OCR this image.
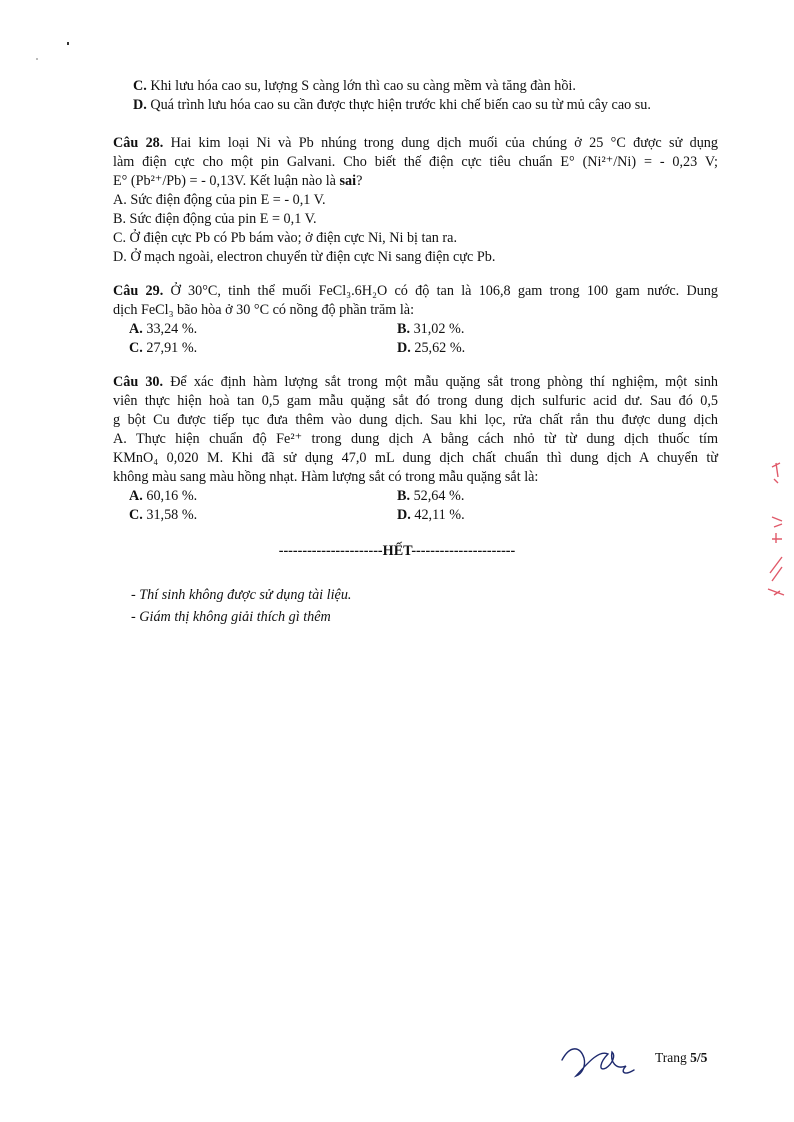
C. Khi lưu hóa cao su, lượng S càng lớn thì cao su càng mềm và tăng đàn hồi.
D. Quá trình lưu hóa cao su cần được thực hiện trước khi chế biến cao su từ mủ cây cao su.
Câu 28. Hai kim loại Ni và Pb nhúng trong dung dịch muối của chúng ở 25 °C được sử dụng
làm điện cực cho một pin Galvani. Cho biết thế điện cực tiêu chuẩn E° (Ni²⁺/Ni) = - 0,23 V;
E° (Pb²⁺/Pb) = - 0,13V. Kết luận nào là sai?
A. Sức điện động của pin E = - 0,1 V.
B. Sức điện động của pin E = 0,1 V.
C. Ở điện cực Pb có Pb bám vào; ở điện cực Ni, Ni bị tan ra.
D. Ở mạch ngoài, electron chuyển từ điện cực Ni sang điện cực Pb.
Câu 29. Ở 30°C, tinh thể muối FeCl₃.6H₂O có độ tan là 106,8 gam trong 100 gam nước. Dung
dịch FeCl₃ bão hòa ở 30 °C có nồng độ phần trăm là:
A. 33,24 %.	B. 31,02 %.
C. 27,91 %.	D. 25,62 %.
Câu 30. Để xác định hàm lượng sắt trong một mẫu quặng sắt trong phòng thí nghiệm, một sinh
viên thực hiện hoà tan 0,5 gam mẫu quặng sắt đó trong dung dịch sulfuric acid dư. Sau đó 0,5
g bột Cu được tiếp tục đưa thêm vào dung dịch. Sau khi lọc, rửa chất rắn thu được dung dịch
A. Thực hiện chuẩn độ Fe²⁺ trong dung dịch A bằng cách nhỏ từ từ dung dịch thuốc tím
KMnO₄ 0,020 M. Khi đã sử dụng 47,0 mL dung dịch chất chuẩn thì dung dịch A chuyển từ
không màu sang màu hồng nhạt. Hàm lượng sắt có trong mẫu quặng sắt là:
A. 60,16 %.	B. 52,64 %.
C. 31,58 %.	D. 42,11 %.
----------------------HẾT----------------------
- Thí sinh không được sử dụng tài liệu.
- Giám thị không giải thích gì thêm
Trang 5/5
